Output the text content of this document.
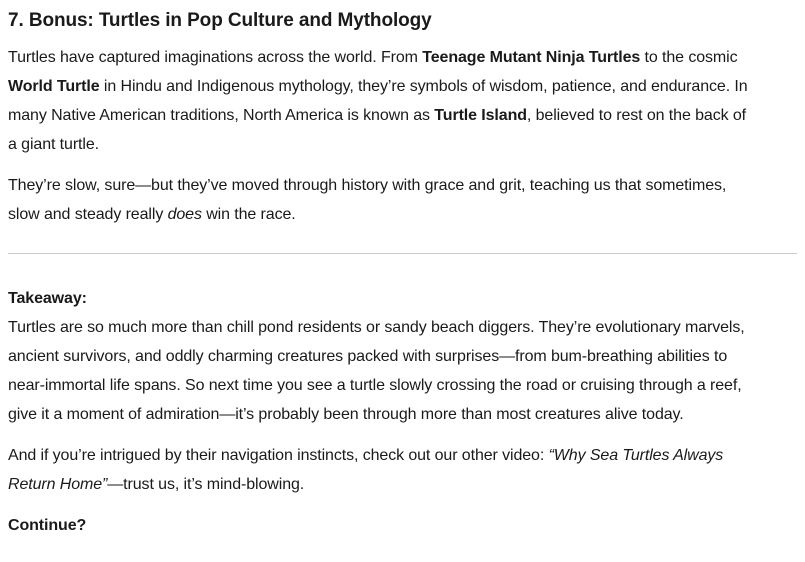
7. Bonus: Turtles in Pop Culture and Mythology

Turtles have captured imaginations across the world. From Teenage Mutant Ninja Turtles to the cosmic
World Turtle in Hindu and Indigenous mythology, they’re symbols of wisdom, patience, and endurance. In
many Native American traditions, North America is known as Turtle Island, believed to rest on the back of
a giant turtle.

They’re slow, sure—but they’ve moved through history with grace and grit, teaching us that sometimes,
slow and steady really does win the race.

Takeaway:
Turtles are so much more than chill pond residents or sandy beach diggers. They’re evolutionary marvels,
ancient survivors, and oddly charming creatures packed with surprises—from bum-breathing abilities to
near-immortal life spans. So next time you see a turtle slowly crossing the road or cruising through a reef,
give it a moment of admiration—it’s probably been through more than most creatures alive today.

And if you’re intrigued by their navigation instincts, check out our other video: “Why Sea Turtles Always
Return Home”—trust us, it’s mind-blowing.

Continue?
